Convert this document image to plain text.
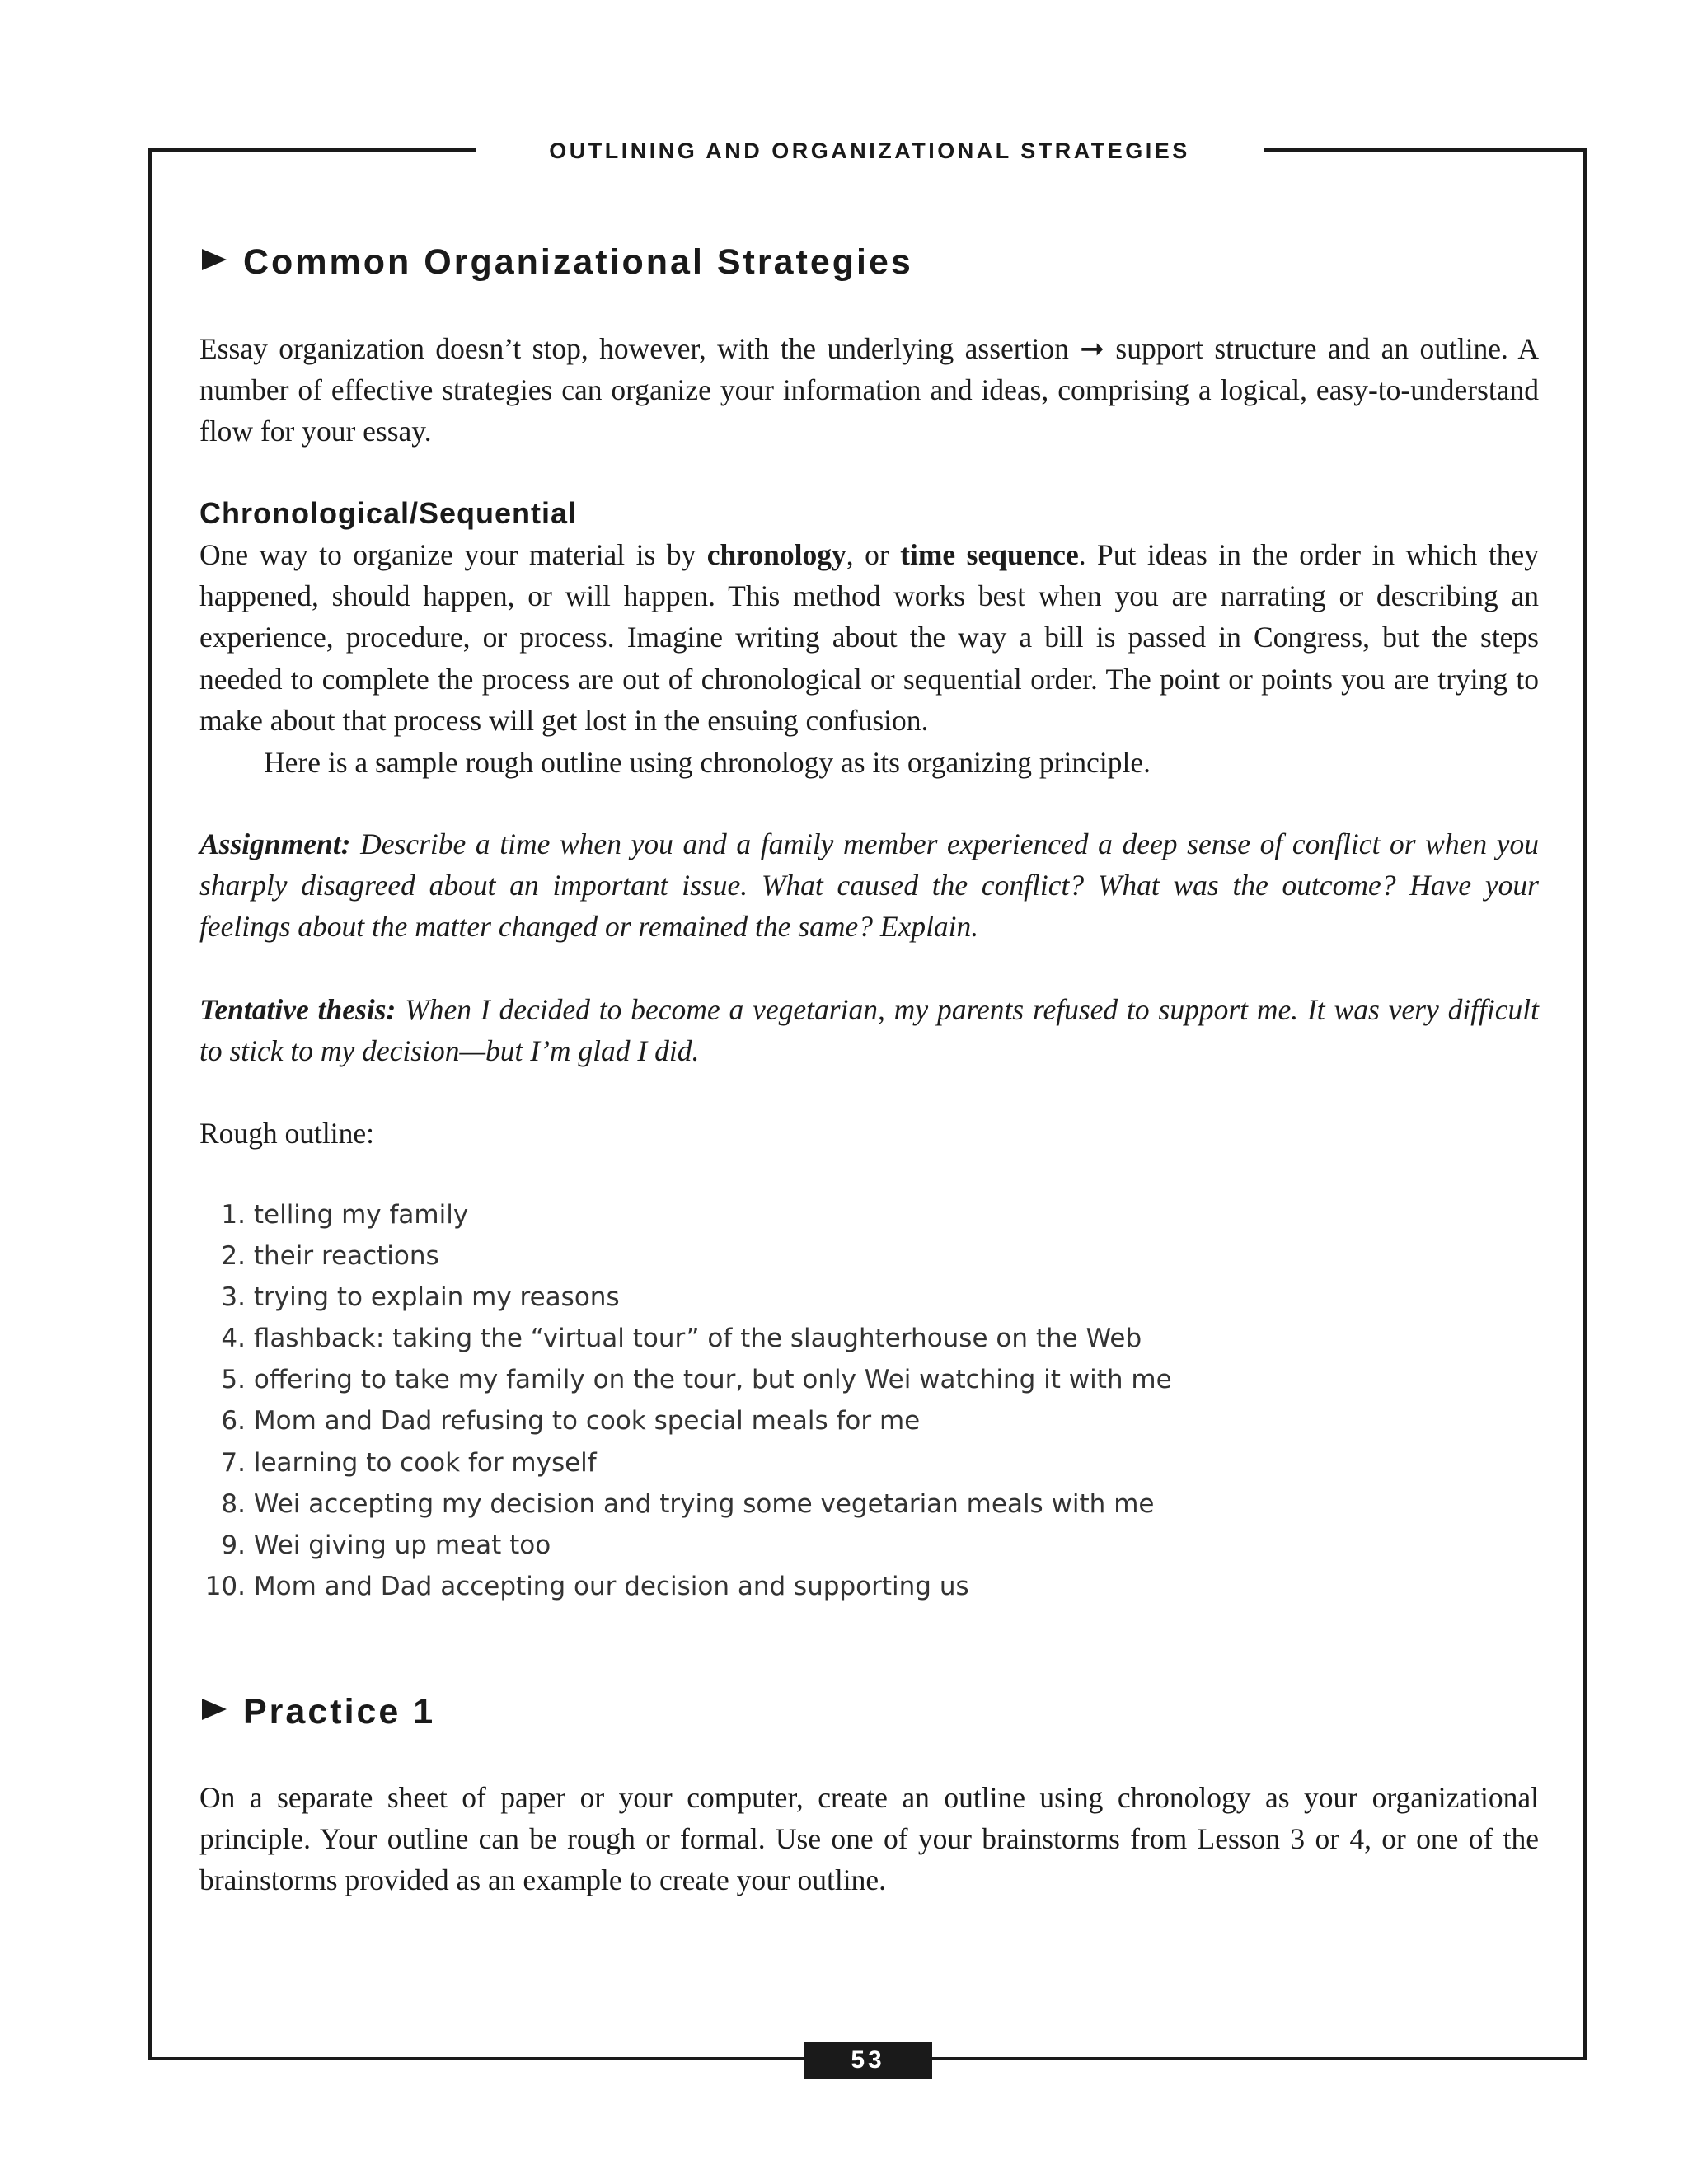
OUTLINING AND ORGANIZATIONAL STRATEGIES
Common Organizational Strategies

Essay organization doesn’t stop, however, with the underlying assertion ➞ support structure and an outline. A number of effective strategies can organize your information and ideas, comprising a logical, easy-to-understand flow for your essay.

Chronological/Sequential

One way to organize your material is by chronology, or time sequence. Put ideas in the order in which they happened, should happen, or will happen. This method works best when you are narrating or describing an experience, procedure, or process. Imagine writing about the way a bill is passed in Congress, but the steps needed to complete the process are out of chronological or sequential order. The point or points you are trying to make about that process will get lost in the ensuing confusion.

Here is a sample rough outline using chronology as its organizing principle.

Assignment: Describe a time when you and a family member experienced a deep sense of conflict or when you sharply disagreed about an important issue. What caused the conflict? What was the outcome? Have your feelings about the matter changed or remained the same? Explain.

Tentative thesis: When I decided to become a vegetarian, my parents refused to support me. It was very difficult to stick to my decision—but I’m glad I did.

Rough outline:

1.
telling my family
2.
their reactions
3.
trying to explain my reasons
4.
flashback: taking the “virtual tour” of the slaughterhouse on the Web
5.
offering to take my family on the tour, but only Wei watching it with me
6.
Mom and Dad refusing to cook special meals for me
7.
learning to cook for myself
8.
Wei accepting my decision and trying some vegetarian meals with me
9.
Wei giving up meat too
10.
Mom and Dad accepting our decision and supporting us
Practice 1

On a separate sheet of paper or your computer, create an outline using chronology as your organizational principle. Your outline can be rough or formal. Use one of your brainstorms from Lesson 3 or 4, or one of the brainstorms provided as an example to create your outline.

53
